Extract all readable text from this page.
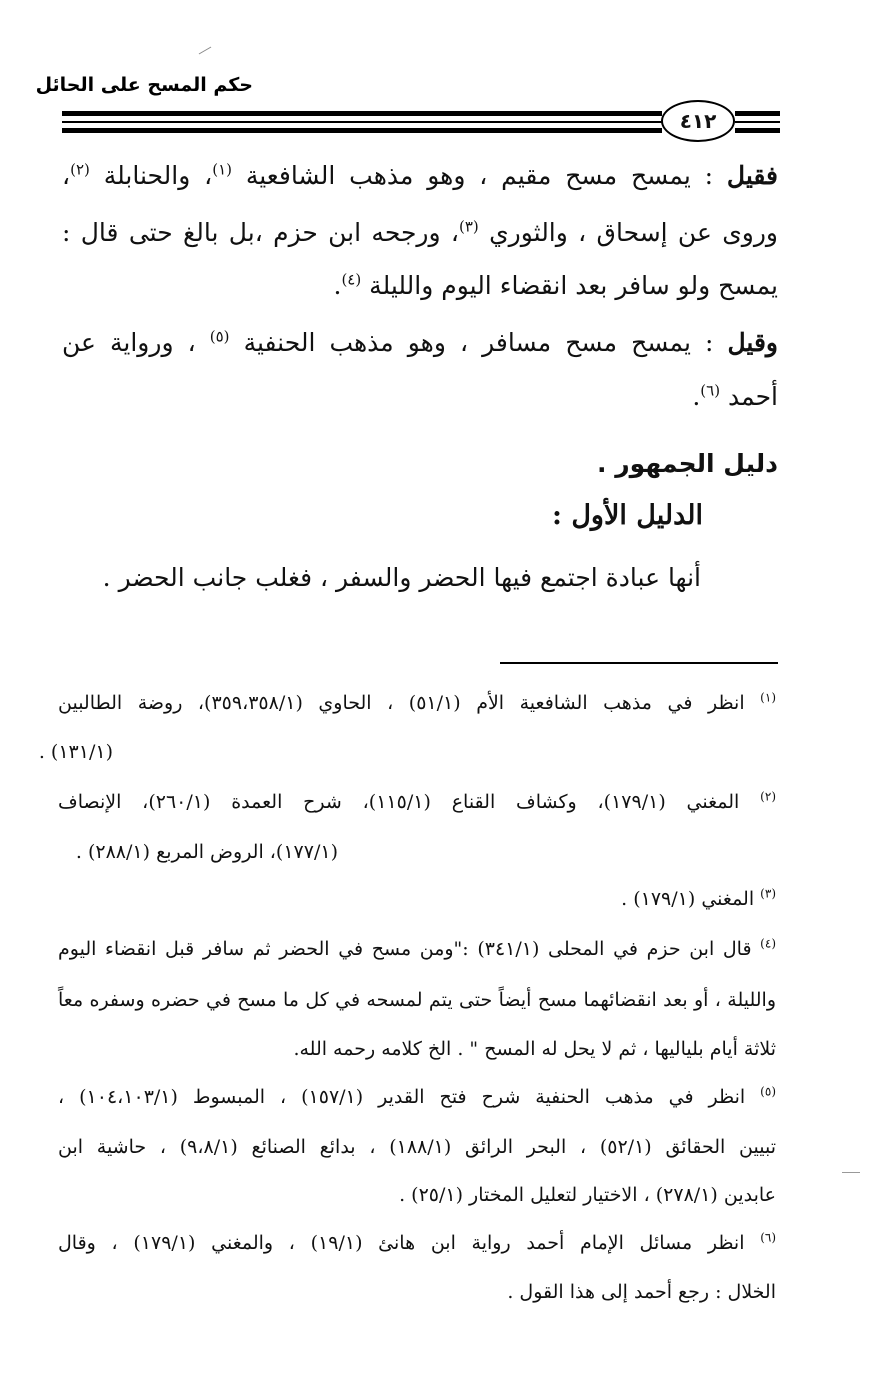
حكم المسح على الحائل
٤١٢
فقيل : يمسح مسح مقيم ، وهو مذهب الشافعية $^{(١)}$، والحنابلة $^{(٢)}$،
وروى عن إسحاق ، والثوري $^{(٣)}$، ورجحه ابن حزم ،بل بالغ حتى قال :
يمسح ولو سافر بعد انقضاء اليوم والليلة $^{(٤)}$.
وقيل : يمسح مسح مسافر ، وهو مذهب الحنفية $^{(٥)}$ ، ورواية عن
أحمد $^{(٦)}$.
دليل الجمهور .
الدليل الأول :
أنها عبادة اجتمع فيها الحضر والسفر ، فغلب جانب الحضر .
$^{(١)}$ انظر في مذهب الشافعية الأم (٥١/١) ، الحاوي (٣٥٩،٣٥٨/١)، روضة الطالبين
(١٣١/١) .
$^{(٢)}$ المغني (١٧٩/١)، وكشاف القناع (١١٥/١)، شرح العمدة (٢٦٠/١)، الإنصاف
(١٧٧/١)، الروض المربع (٢٨٨/١) .
$^{(٣)}$ المغني (١٧٩/١) .
$^{(٤)}$ قال ابن حزم في المحلى (٣٤١/١) :"ومن مسح في الحضر ثم سافر قبل انقضاء اليوم
والليلة ، أو بعد انقضائهما مسح أيضاً حتى يتم لمسحه في كل ما مسح في حضره وسفره معاً
ثلاثة أيام بلياليها ، ثم لا يحل له المسح " . الخ كلامه رحمه الله.
$^{(٥)}$ انظر في مذهب الحنفية شرح فتح القدير (١٥٧/١) ، المبسوط (١٠٤،١٠٣/١) ،
تبيين الحقائق (٥٢/١) ، البحر الرائق (١٨٨/١) ، بدائع الصنائع (٩،٨/١) ، حاشية ابن
عابدين (٢٧٨/١) ، الاختيار لتعليل المختار (٢٥/١) .
$^{(٦)}$ انظر مسائل الإمام أحمد رواية ابن هانئ (١٩/١) ، والمغني (١٧٩/١) ، وقال
الخلال : رجع أحمد إلى هذا القول .
